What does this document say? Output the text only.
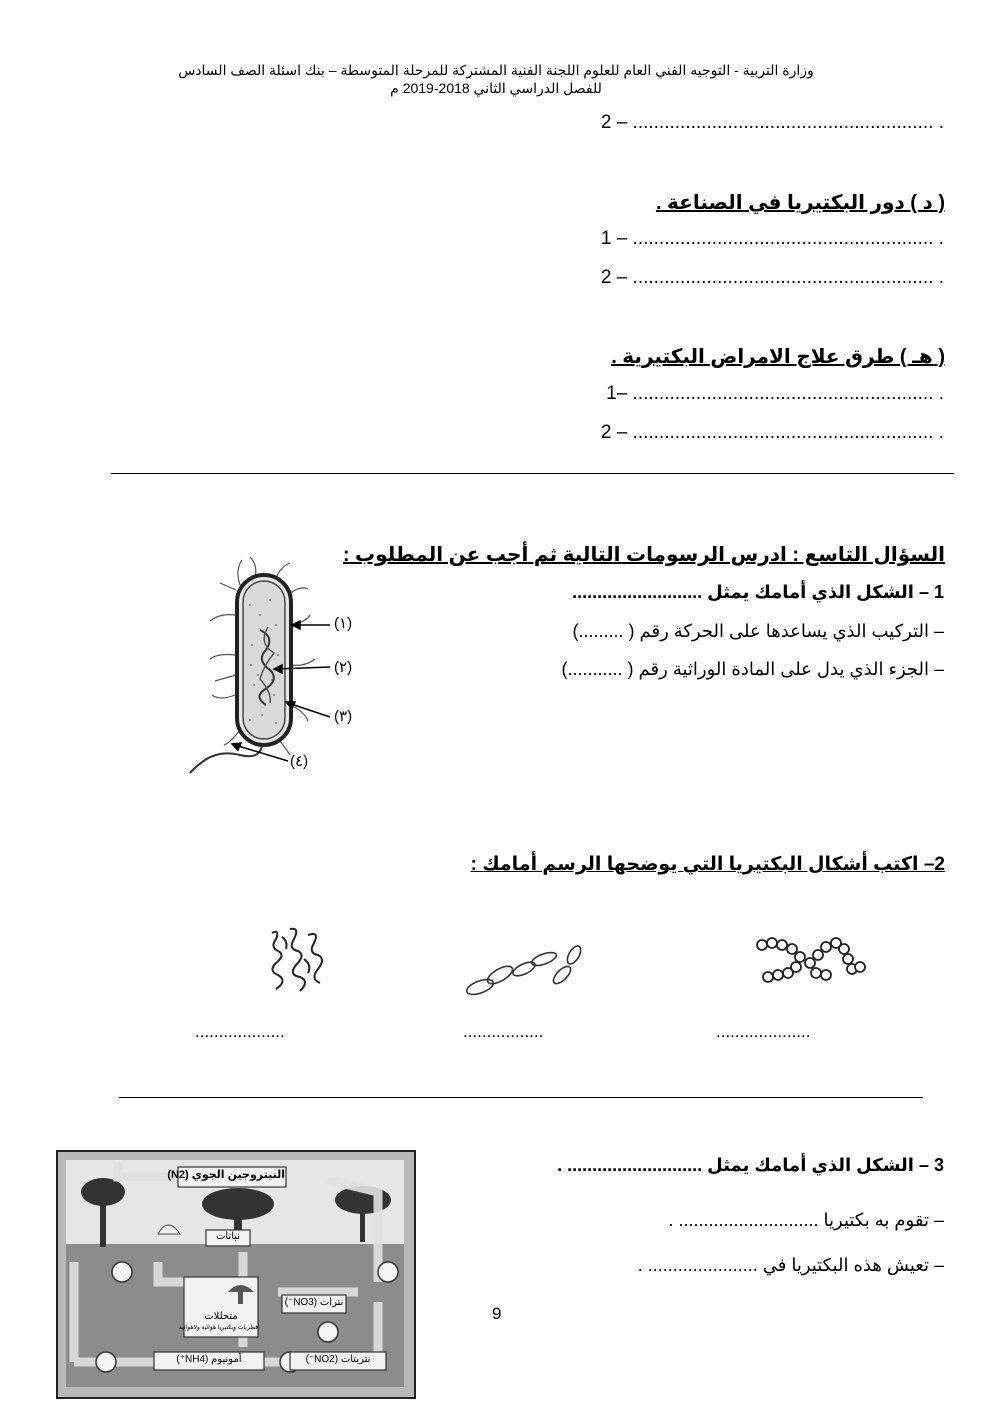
وزارة التربية - التوجيه الفني العام للعلوم اللجنة الفنية المشتركة للمرحلة المتوسطة – بنك اسئلة الصف السادس
للفصل الدراسي الثاني 2018-2019 م
2 – ......................................................... .
( د ) دور البكتيريا في الصناعة .
1 – ......................................................... .
2 – ......................................................... .
( هـ ) طرق علاج الامراض البكتيرية .
1– ......................................................... .
2 – ......................................................... .
السؤال التاسع : ادرس الرسومات التالية ثم أجب عن المطلوب :
1 – الشكل الذي أمامك يمثل ..........................
– التركيب الذي يساعدها على الحركة رقم ( .........)
– الجزء الذي يدل على المادة الوراثية رقم ( ...........)
(١)
(٢)
(٣)
(٤)
2– اكتب أشكال البكتيريا التي يوضحها الرسم أمامك :
...................	.................	....................
3 – الشكل الذي أمامك يمثل ........................... .
– تقوم به بكتيريا ............................ .
– تعيش هذه البكتيريا في ...................... .
9
النيتروجين الجوي (N2)
نباتات
متحللات
فطريات وبكتيريا هوائية ولاهوائية
نترات (NO3⁻)
أمونيوم (NH4⁺)	نتريتات (NO2⁻)
